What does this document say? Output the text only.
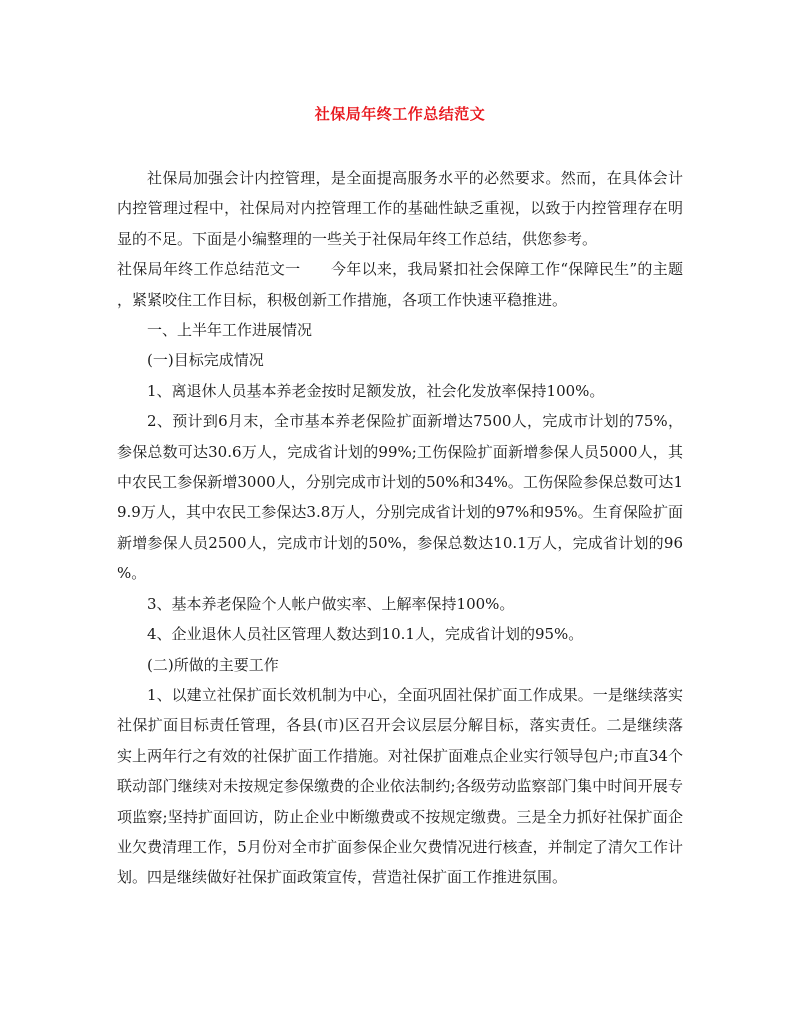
社保局年终工作总结范文

社保局加强会计内控管理，是全面提高服务水平的必然要求。然而，在具体会计内控管理过程中，社保局对内控管理工作的基础性缺乏重视，以致于内控管理存在明显的不足。下面是小编整理的一些关于社保局年终工作总结，供您参考。

社保局年终工作总结范文一　　今年以来，我局紧扣社会保障工作“保障民生”的主题，紧紧咬住工作目标，积极创新工作措施，各项工作快速平稳推进。

一、上半年工作进展情况

(一)目标完成情况

1、离退休人员基本养老金按时足额发放，社会化发放率保持100%。

2、预计到6月末，全市基本养老保险扩面新增达7500人，完成市计划的75%，参保总数可达30.6万人，完成省计划的99%;工伤保险扩面新增参保人员5000人，其中农民工参保新增3000人，分别完成市计划的50%和34%。工伤保险参保总数可达19.9万人，其中农民工参保达3.8万人，分别完成省计划的97%和95%。生育保险扩面新增参保人员2500人，完成市计划的50%，参保总数达10.1万人，完成省计划的96%。

3、基本养老保险个人帐户做实率、上解率保持100%。

4、企业退休人员社区管理人数达到10.1人，完成省计划的95%。

(二)所做的主要工作

1、以建立社保扩面长效机制为中心，全面巩固社保扩面工作成果。一是继续落实社保扩面目标责任管理，各县(市)区召开会议层层分解目标，落实责任。二是继续落实上两年行之有效的社保扩面工作措施。对社保扩面难点企业实行领导包户;市直34个联动部门继续对未按规定参保缴费的企业依法制约;各级劳动监察部门集中时间开展专项监察;坚持扩面回访，防止企业中断缴费或不按规定缴费。三是全力抓好社保扩面企业欠费清理工作，5月份对全市扩面参保企业欠费情况进行核查，并制定了清欠工作计划。四是继续做好社保扩面政策宣传，营造社保扩面工作推进氛围。
